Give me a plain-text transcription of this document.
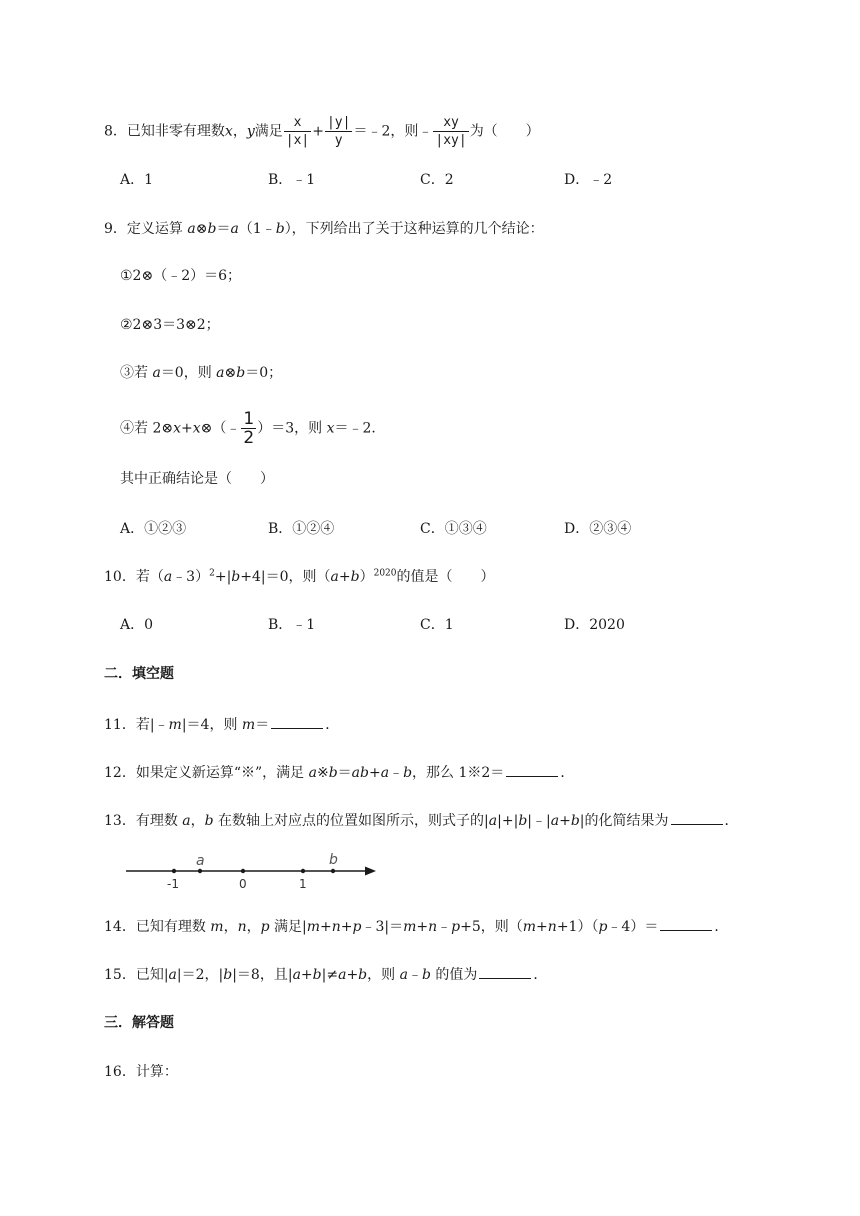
8．已知非零有理数x，y满足 $\frac{x}{|x|} + \frac{|y|}{y}$ ＝﹣2，则﹣ $\frac{xy}{|xy|}$ 为（　　）
A．1	B．﹣1	C．2	D．﹣2
9．定义运算 a⊗b＝a（1﹣b），下列给出了关于这种运算的几个结论：
①2⊗（﹣2）＝6；
②2⊗3＝3⊗2；
③若 a＝0，则 a⊗b＝0；
④若 2⊗x+x⊗（﹣ $\frac{1}{2} )=3$，则 x＝﹣2．
其中正确结论是（　　）
A．①②③	B．①②④	C．①③④	D．②③④
10．若（a﹣3）$^2$+|b+4|＝0，则$(a+b)^{2020}$的值是（　　）
A．0	B．﹣1	C．1	D．2020
二．填空题
11．若|﹣m|＝4，则 m＝	．
12．如果定义新运算“※”，满足 a※b＝ab+a﹣b，那么 1※2＝	．
13．有理数 a，b 在数轴上对应点的位置如图所示，则式子的|a|+|b|﹣|a+b|的化简结果为	．
a	b
-1	0	1
14．已知有理数 m，n，p 满足|m+n+p﹣3|＝m+n﹣p+5，则（m+n+1）（p﹣4）＝	．
15．已知|a|＝2，|b|＝8，且|a+b|≠a+b，则 a﹣b 的值为	．
三．解答题
16．计算：
